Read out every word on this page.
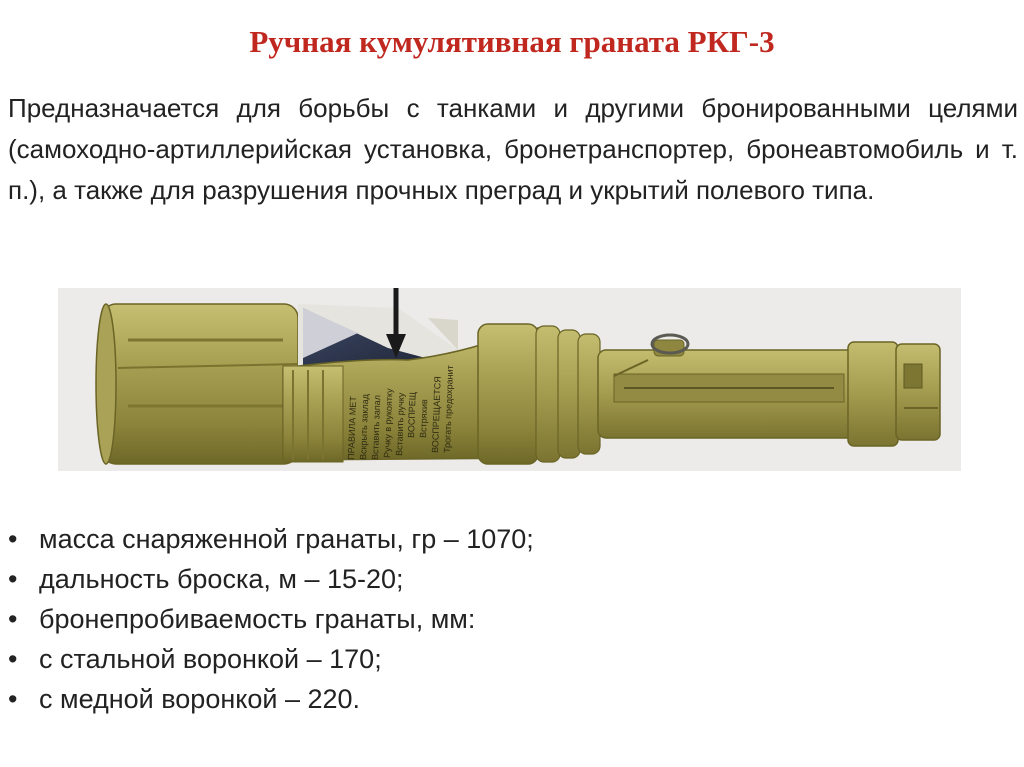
Ручная кумулятивная граната РКГ-3

Предназначается для борьбы с танками и другими бронированными целями (самоходно-артиллерийская установка, бронетранспортер, бронеавтомобиль и т. п.), а также для разрушения прочных преград и укрытий полевого типа.

ПРАВИЛА МЕТ Вскрыть заклад Вставить запал Ручку в рукоятку Вставить ручку ВОСПРЕЩ Встряхив ВОСПРЕЩАЕТСЯ Трогать предохранит
• масса снаряженной гранаты, гр – 1070;
• дальность броска, м – 15-20;
• бронепробиваемость гранаты, мм:
• с стальной воронкой – 170;
• с медной воронкой – 220.
